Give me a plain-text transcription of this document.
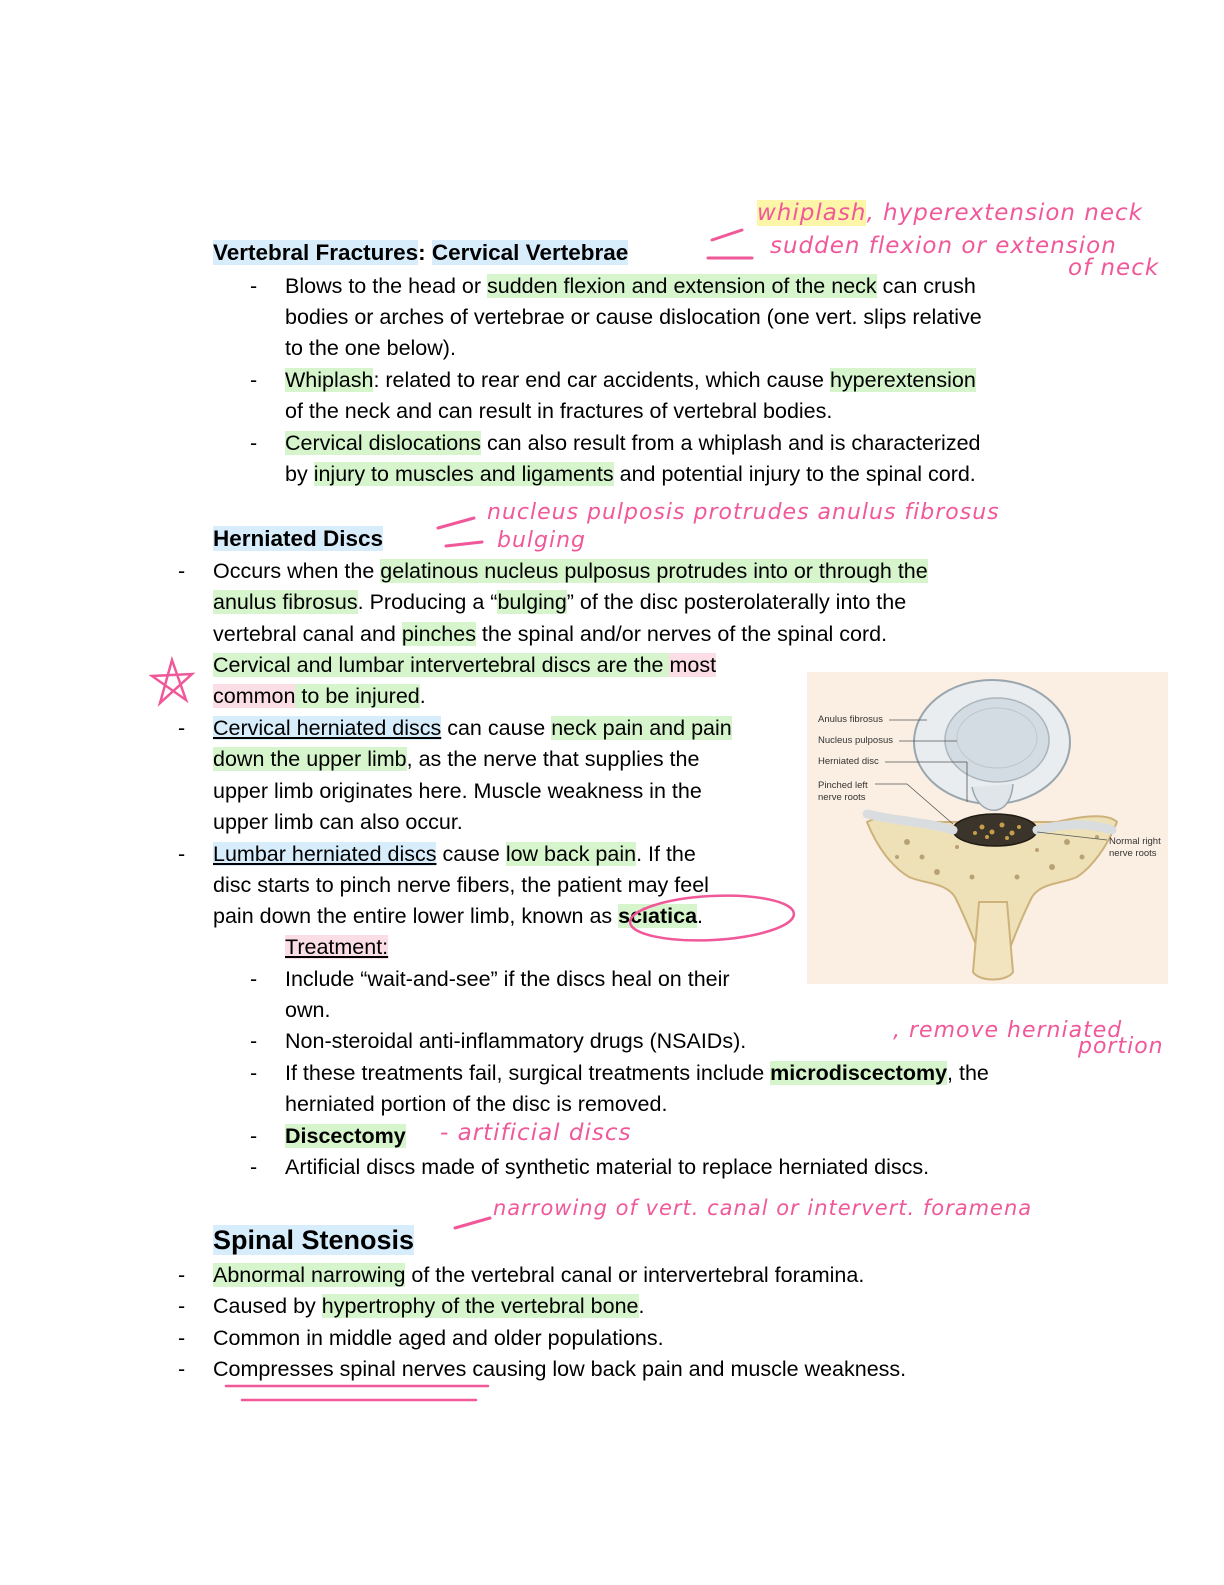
Vertebral Fractures: Cervical Vertebrae
- Blows to the head or sudden flexion and extension of the neck can crush
bodies or arches of vertebrae or cause dislocation (one vert. slips relative
to the one below).
- Whiplash: related to rear end car accidents, which cause hyperextension
of the neck and can result in fractures of vertebral bodies.
- Cervical dislocations can also result from a whiplash and is characterized
by injury to muscles and ligaments and potential injury to the spinal cord.
Herniated Discs
- Occurs when the gelatinous nucleus pulposus protrudes into or through the
anulus fibrosus. Producing a “bulging” of the disc posterolaterally into the
vertebral canal and pinches the spinal and/or nerves of the spinal cord.
Cervical and lumbar intervertebral discs are the most
common to be injured.
- Cervical herniated discs can cause neck pain and pain
down the upper limb, as the nerve that supplies the
upper limb originates here. Muscle weakness in the
upper limb can also occur.
- Lumbar herniated discs cause low back pain. If the
disc starts to pinch nerve fibers, the patient may feel
pain down the entire lower limb, known as sciatica.
Treatment:
- Include “wait-and-see” if the discs heal on their
own.
- Non-steroidal anti-inflammatory drugs (NSAIDs).
- If these treatments fail, surgical treatments include microdiscectomy, the
herniated portion of the disc is removed.
- Discectomy
- Artificial discs made of synthetic material to replace herniated discs.
Spinal Stenosis
- Abnormal narrowing of the vertebral canal or intervertebral foramina.
- Caused by hypertrophy of the vertebral bone.
- Common in middle aged and older populations.
- Compresses spinal nerves causing low back pain and muscle weakness.
Anulus fibrosus
Nucleus pulposus
Herniated disc
Pinched left
nerve roots
Normal right
nerve roots
whiplash, hyperextension neck
sudden flexion or extension
of neck
nucleus pulposis protrudes anulus fibrosus
bulging
, remove herniated
portion
- artificial discs
narrowing of vert. canal or intervert. foramena
